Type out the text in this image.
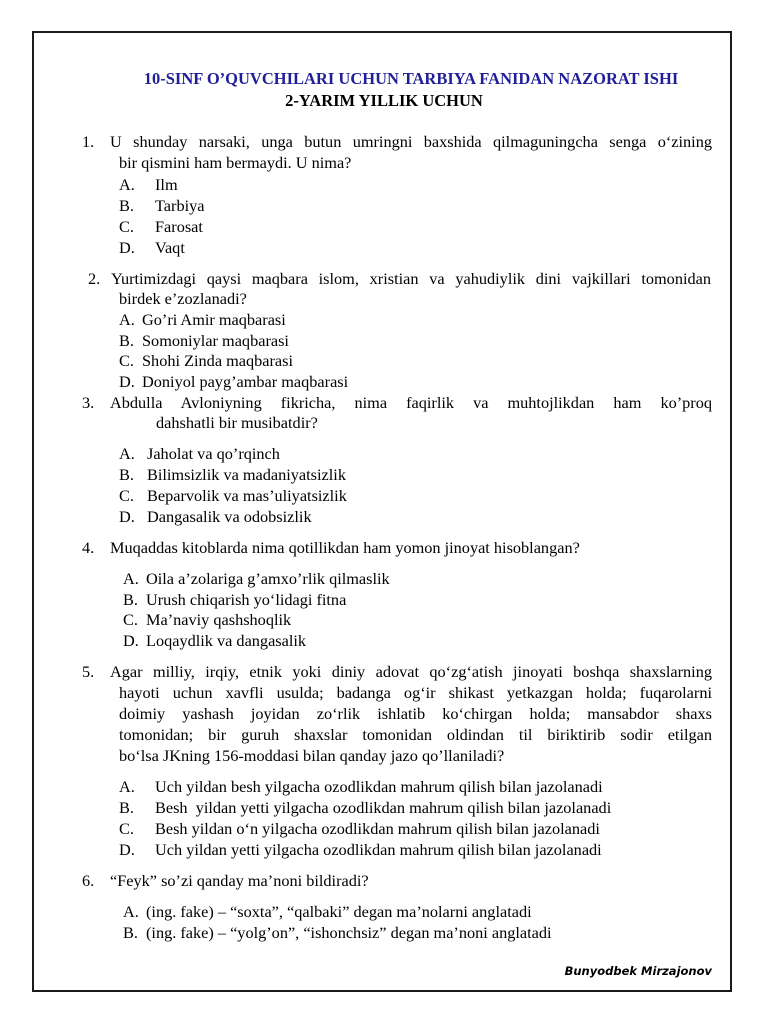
10-SINF O’QUVCHILARI UCHUN TARBIYA FANIDAN NAZORAT ISHI
2-YARIM YILLIK UCHUN
1. U shunday narsaki, unga butun umringni baxshida qilmaguningcha senga o‘zining
bir qismini ham bermaydi. U nima?
A. Ilm
B. Tarbiya
C. Farosat
D. Vaqt
2. Yurtimizdagi qaysi maqbara islom, xristian va yahudiylik dini vajkillari tomonidan
birdek e’zozlanadi?
A. Go’ri Amir maqbarasi
B. Somoniylar maqbarasi
C. Shohi Zinda maqbarasi
D. Doniyol payg’ambar maqbarasi
3. Abdulla Avloniyning fikricha, nima faqirlik va muhtojlikdan ham ko’proq
dahshatli bir musibatdir?
A. Jaholat va qo’rqinch
B. Bilimsizlik va madaniyatsizlik
C. Beparvolik va mas’uliyatsizlik
D. Dangasalik va odobsizlik
4. Muqaddas kitoblarda nima qotillikdan ham yomon jinoyat hisoblangan?
A. Oila a’zolariga g’amxo’rlik qilmaslik
B. Urush chiqarish yo‘lidagi fitna
C. Ma’naviy qashshoqlik
D. Loqaydlik va dangasalik
5. Agar milliy, irqiy, etnik yoki diniy adovat qo‘zg‘atish jinoyati boshqa shaxslarning
hayoti uchun xavfli usulda; badanga og‘ir shikast yetkazgan holda; fuqarolarni
doimiy yashash joyidan zo‘rlik ishlatib ko‘chirgan holda; mansabdor shaxs
tomonidan; bir guruh shaxslar tomonidan oldindan til biriktirib sodir etilgan
bo‘lsa JKning 156-moddasi bilan qanday jazo qo’llaniladi?
A. Uch yildan besh yilgacha ozodlikdan mahrum qilish bilan jazolanadi
B. Besh  yildan yetti yilgacha ozodlikdan mahrum qilish bilan jazolanadi
C. Besh yildan o‘n yilgacha ozodlikdan mahrum qilish bilan jazolanadi
D. Uch yildan yetti yilgacha ozodlikdan mahrum qilish bilan jazolanadi
6. “Feyk” so’zi qanday ma’noni bildiradi?
A. (ing. fake) – “soxta”, “qalbaki” degan ma’nolarni anglatadi
B. (ing. fake) – “yolg’on”, “ishonchsiz” degan ma’noni anglatadi
Bunyodbek Mirzajonov
